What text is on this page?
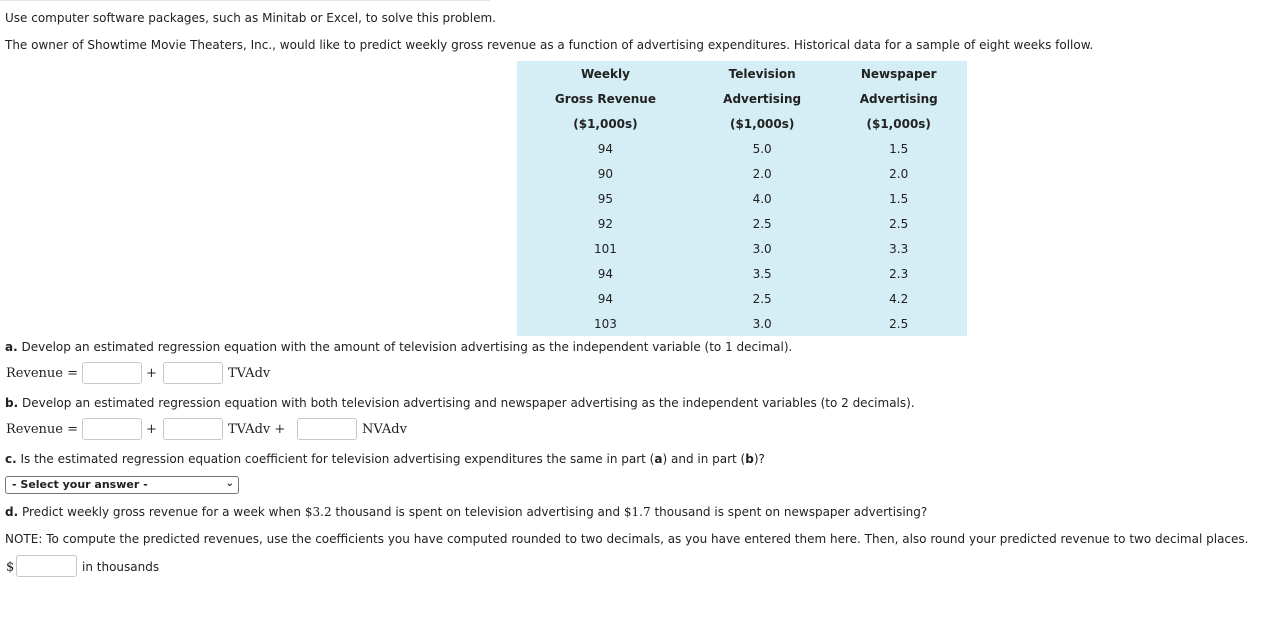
Use computer software packages, such as Minitab or Excel, to solve this problem.
The owner of Showtime Movie Theaters, Inc., would like to predict weekly gross revenue as a function of advertising expenditures. Historical data for a sample of eight weeks follow.
Weekly	Television	Newspaper
Gross Revenue	Advertising	Advertising
($1,000s)	($1,000s)	($1,000s)
94	5.0	1.5
90	2.0	2.0
95	4.0	1.5
92	2.5	2.5
101	3.0	3.3
94	3.5	2.3
94	2.5	4.2
103	3.0	2.5
a. Develop an estimated regression equation with the amount of television advertising as the independent variable (to 1 decimal).
Revenue =	+	TVAdv
b. Develop an estimated regression equation with both television advertising and newspaper advertising as the independent variables (to 2 decimals).
Revenue =	+	TVAdv +	NVAdv
c. Is the estimated regression equation coefficient for television advertising expenditures the same in part (a) and in part (b)?
- Select your answer -	⌄
d. Predict weekly gross revenue for a week when $3.2 thousand is spent on television advertising and $1.7 thousand is spent on newspaper advertising?
NOTE: To compute the predicted revenues, use the coefficients you have computed rounded to two decimals, as you have entered them here. Then, also round your predicted revenue to two decimal places.
$	in thousands
